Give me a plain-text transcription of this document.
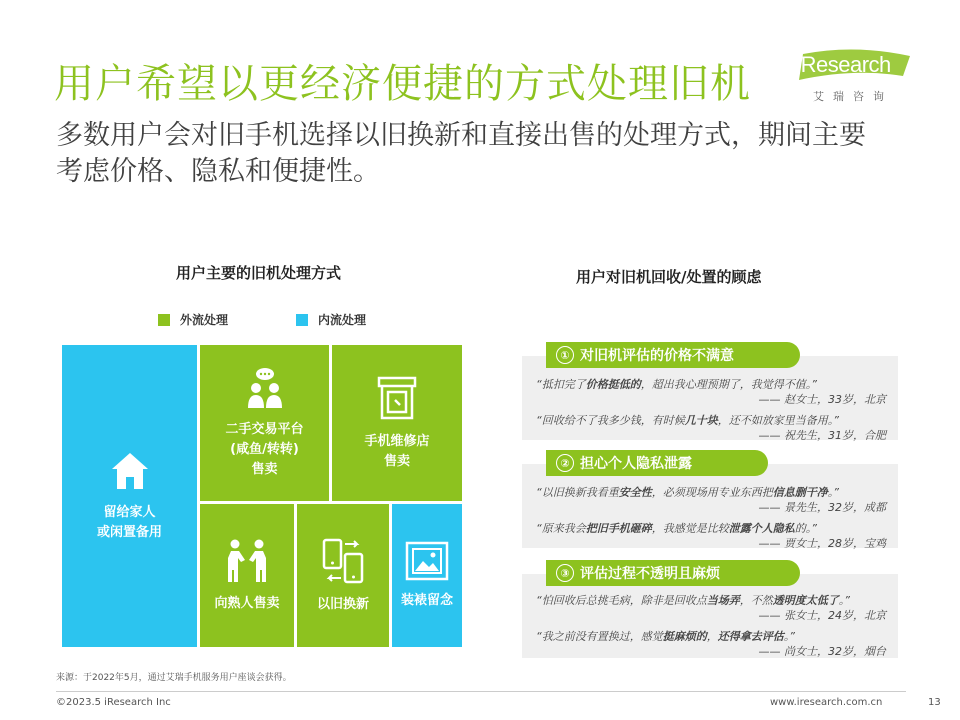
用户希望以更经济便捷的方式处理旧机
多数用户会对旧手机选择以旧换新和直接出售的处理方式，期间主要考虑价格、隐私和便捷性。
iResearch
艾瑞咨询
用户主要的旧机处理方式
外流处理	内流处理
留给家人
或闲置备用
二手交易平台
(咸鱼/转转)
售卖
手机维修店
售卖
向熟人售卖	以旧换新 装裱留念
用户对旧机回收/处置的顾虑
① 对旧机评估的价格不满意
“抵扣完了价格挺低的，超出我心理预期了，我觉得不值。”
—— 赵女士，33岁，北京
“回收给不了我多少钱，有时候几十块，还不如放家里当备用。”
—— 祝先生，31岁，合肥
② 担心个人隐私泄露
“以旧换新我看重安全性，必须现场用专业东西把信息删干净。”
—— 景先生，32岁，成都
“原来我会把旧手机砸碎，我感觉是比较泄露个人隐私的。”
—— 贾女士，28岁，宝鸡
③ 评估过程不透明且麻烦
“怕回收后总挑毛病，除非是回收点当场弄，不然透明度太低了。”
—— 张女士，24岁，北京
“我之前没有置换过，感觉挺麻烦的，还得拿去评估。”
—— 尚女士，32岁，烟台
来源：于2022年5月，通过艾瑞手机服务用户座谈会获得。
©2023.5 iResearch Inc	www.iresearch.com.cn	13
